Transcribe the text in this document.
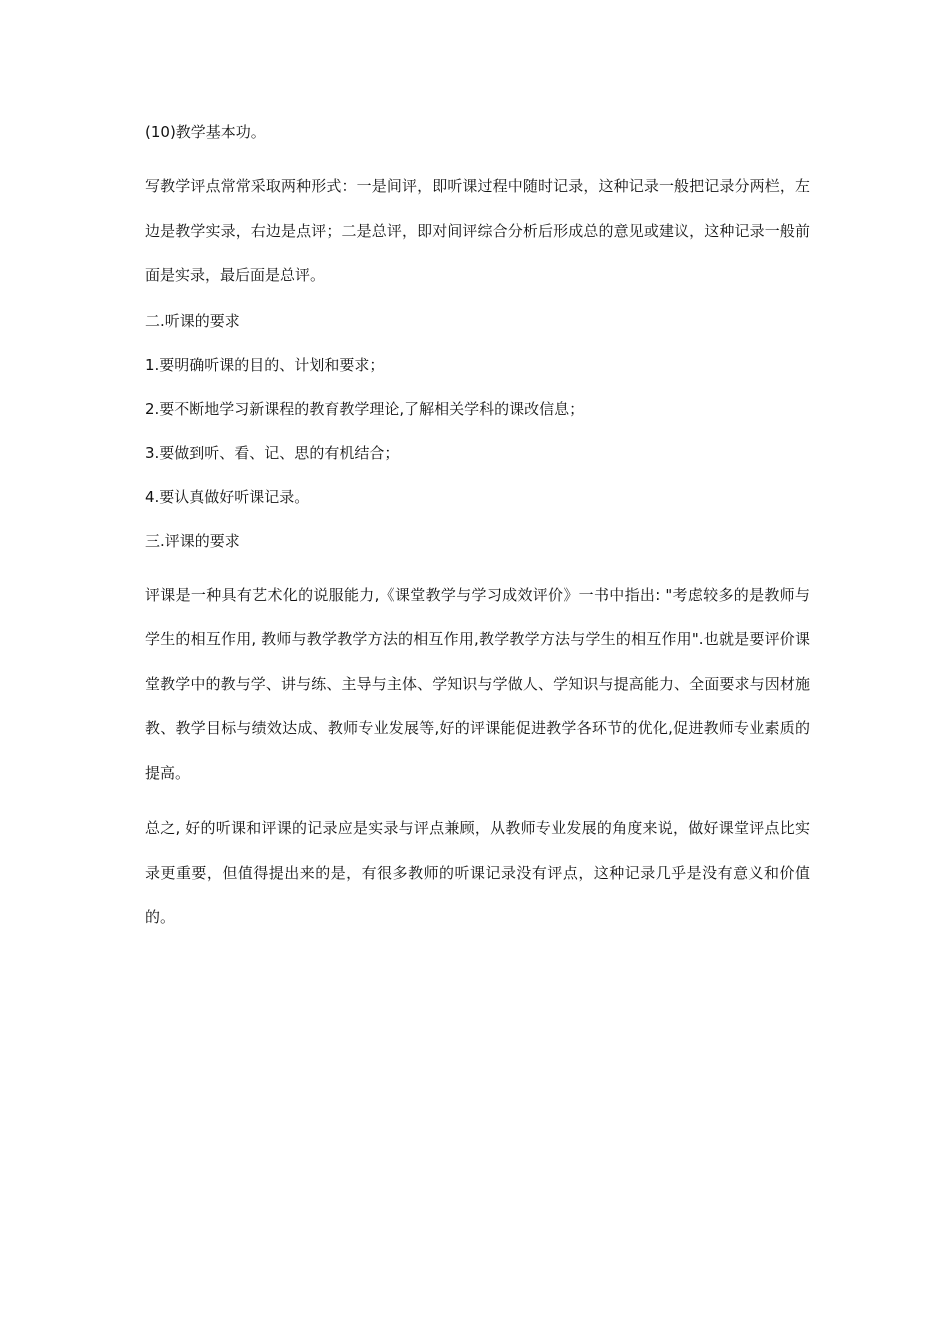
(10)教学基本功。

写教学评点常常采取两种形式：一是间评，即听课过程中随时记录，这种记录一般把记录分两栏，左边是教学实录，右边是点评；二是总评，即对间评综合分析后形成总的意见或建议，这种记录一般前面是实录，最后面是总评。

二.听课的要求

1.要明确听课的目的、计划和要求；

2.要不断地学习新课程的教育教学理论,了解相关学科的课改信息；

3.要做到听、看、记、思的有机结合；

4.要认真做好听课记录。

三.评课的要求

评课是一种具有艺术化的说服能力,《课堂教学与学习成效评价》一书中指出: "考虑较多的是教师与学生的相互作用, 教师与教学教学方法的相互作用,教学教学方法与学生的相互作用".也就是要评价课堂教学中的教与学、讲与练、主导与主体、学知识与学做人、学知识与提高能力、全面要求与因材施教、教学目标与绩效达成、教师专业发展等,好的评课能促进教学各环节的优化,促进教师专业素质的提高。

总之, 好的听课和评课的记录应是实录与评点兼顾，从教师专业发展的角度来说，做好课堂评点比实录更重要，但值得提出来的是，有很多教师的听课记录没有评点，这种记录几乎是没有意义和价值的。
